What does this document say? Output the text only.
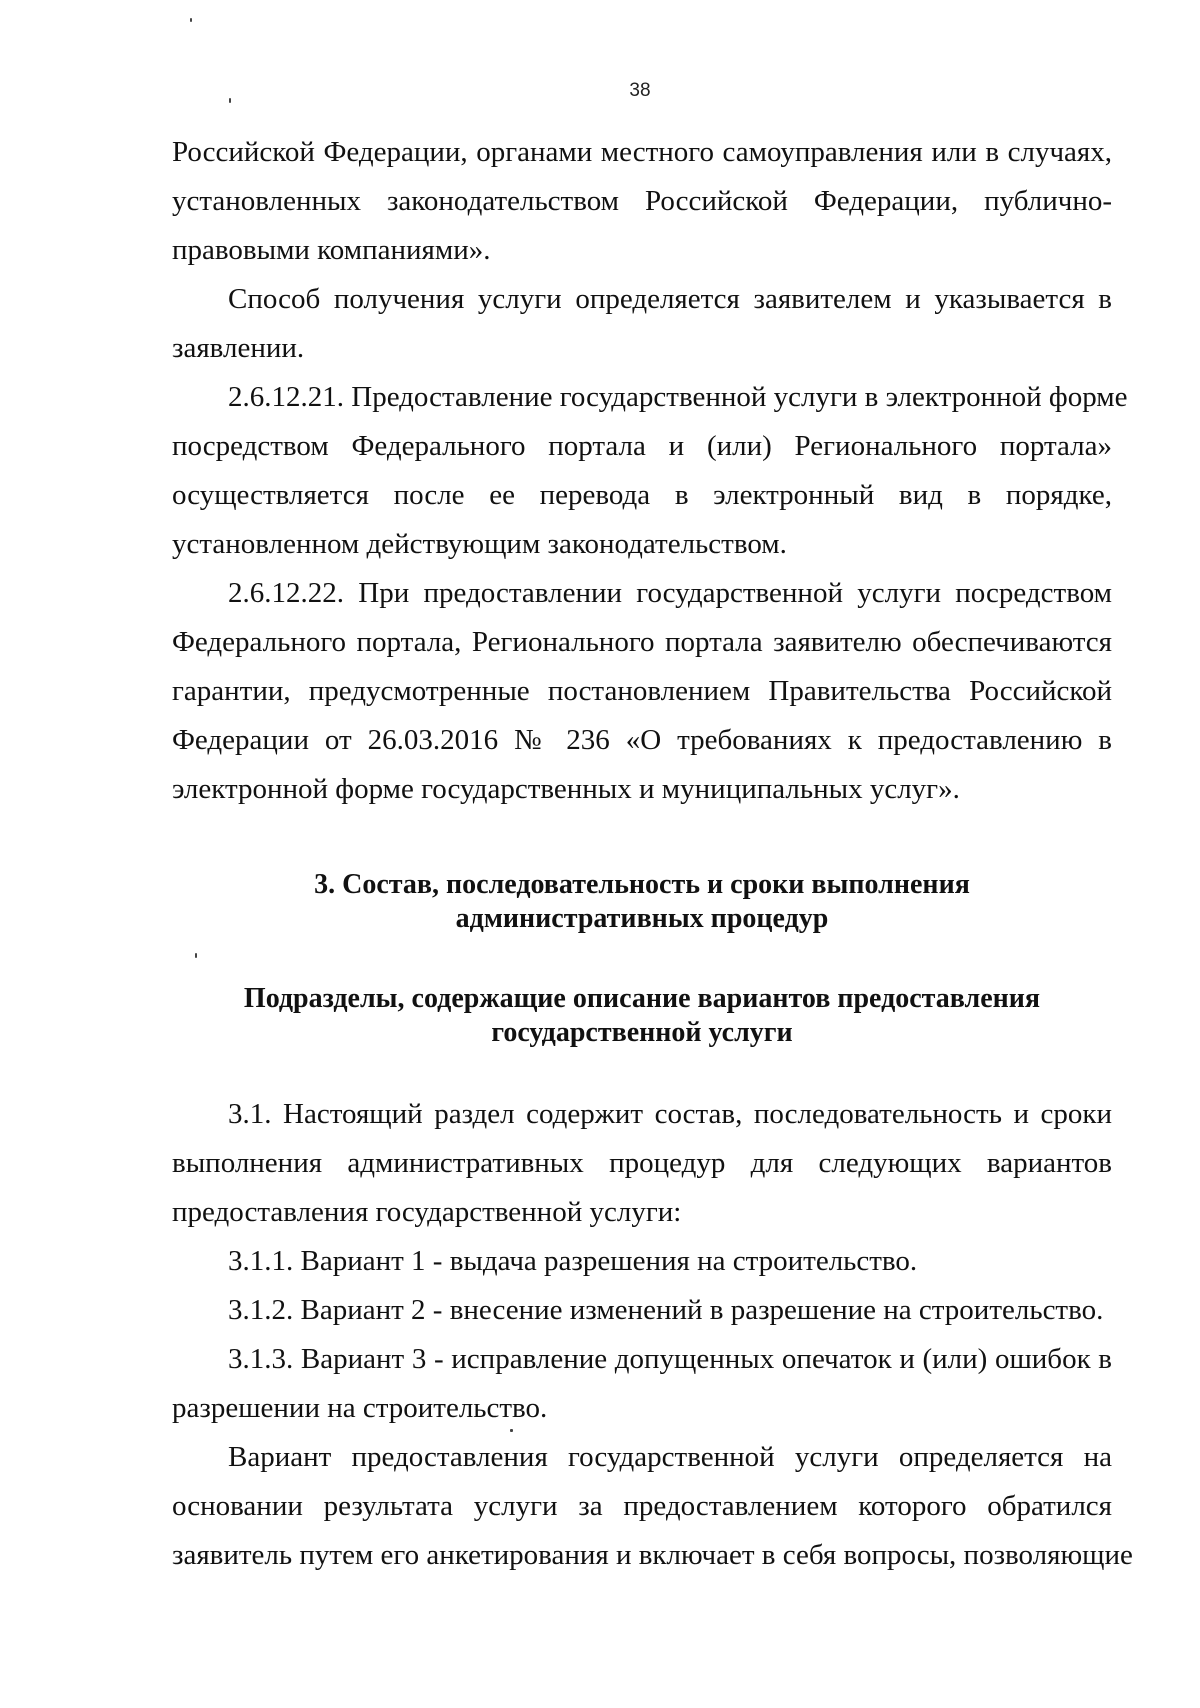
38
Российской Федерации, органами местного самоуправления или в случаях,
установленных законодательством Российской Федерации, публично-
правовыми компаниями».
Способ получения услуги определяется заявителем и указывается в
заявлении.
2.6.12.21. Предоставление государственной услуги в электронной форме
посредством Федерального портала и (или) Регионального портала»
осуществляется после ее перевода в электронный вид в порядке,
установленном действующим законодательством.
2.6.12.22. При предоставлении государственной услуги посредством
Федерального портала, Регионального портала заявителю обеспечиваются
гарантии, предусмотренные постановлением Правительства Российской
Федерации от 26.03.2016 № 236 «О требованиях к предоставлению в
электронной форме государственных и муниципальных услуг».
3. Состав, последовательность и сроки выполнения
административных процедур
Подразделы, содержащие описание вариантов предоставления
государственной услуги
3.1. Настоящий раздел содержит состав, последовательность и сроки
выполнения административных процедур для следующих вариантов
предоставления государственной услуги:
3.1.1. Вариант 1 - выдача разрешения на строительство.
3.1.2. Вариант 2 - внесение изменений в разрешение на строительство.
3.1.3. Вариант 3 - исправление допущенных опечаток и (или) ошибок в
разрешении на строительство.
Вариант предоставления государственной услуги определяется на
основании результата услуги за предоставлением которого обратился
заявитель путем его анкетирования и включает в себя вопросы, позволяющие
